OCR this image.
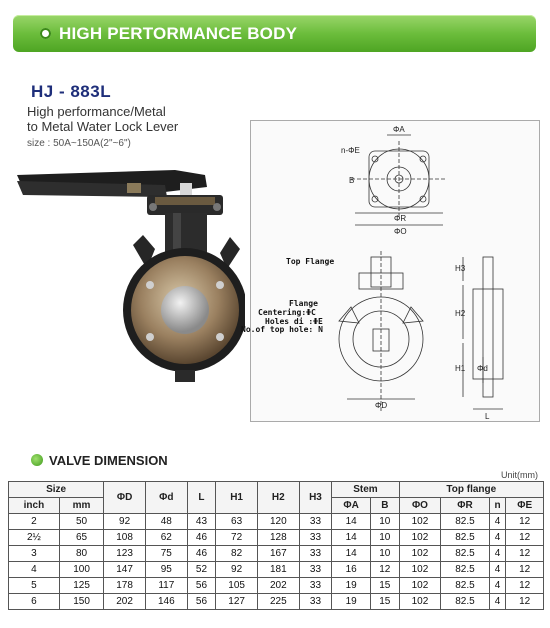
HIGH PERTORMANCE BODY
HJ - 883L
High performance/Metal
to Metal Water Lock Lever
size : 50A~150A(2"~6")
ΦA
n-ΦE
B
ΦR
ΦO
ΦD
H3
H2
H1 Φd
L
Top Flange
Flange
Centering:ΦC
Holes di :ΦE
No.of top hole: N
VALVE DIMENSION
Unit(mm)
Size		ΦD	Φd	L	H1	H2	H3	Stem		Top flange			
inch	mm							ΦA	B	ΦO	ΦR	n	ΦE
2	50	92	48	43	63	120	33	14	10	102	82.5	4	12
2½	65	108	62	46	72	128	33	14	10	102	82.5	4	12
3	80	123	75	46	82	167	33	14	10	102	82.5	4	12
4	100	147	95	52	92	181	33	16	12	102	82.5	4	12
5	125	178	117	56	105	202	33	19	15	102	82.5	4	12
6	150	202	146	56	127	225	33	19	15	102	82.5	4	12
